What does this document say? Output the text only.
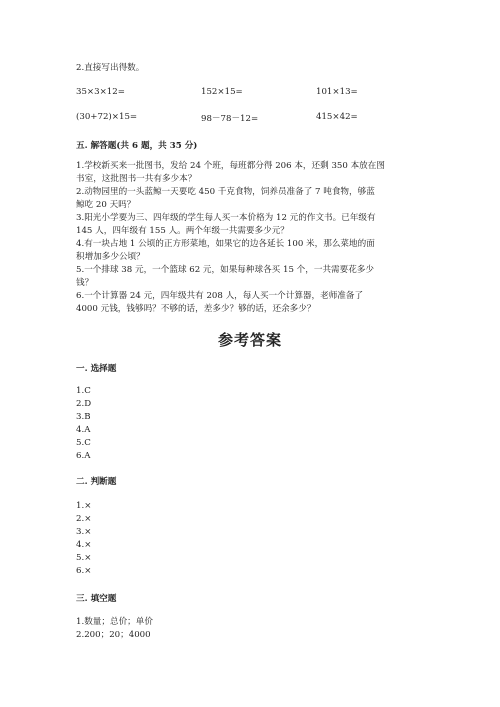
2.直接写出得数。
35×3×12=	152×15=	101×13=
(30+72)×15=	98－78－12=	415×42=
五. 解答题(共 6 题，共 35 分)
1.学校新买来一批图书，发给 24 个班，每班都分得 206 本，还剩 350 本放在图
书室，这批图书一共有多少本？
2.动物园里的一头蓝鲸一天要吃 450 千克食物，饲养员准备了 7 吨食物，够蓝
鲸吃 20 天吗？
3.阳光小学要为三、四年级的学生每人买一本价格为 12 元的作文书。已年级有
145 人，四年级有 155 人。两个年级一共需要多少元？
4.有一块占地 1 公顷的正方形菜地，如果它的边各延长 100 米，那么菜地的面
积增加多少公顷？
5.一个排球 38 元，一个篮球 62 元，如果每种球各买 15 个，一共需要花多少
钱？
6.一个计算器 24 元，四年级共有 208 人，每人买一个计算器，老师准备了
4000 元钱，钱够吗？不够的话，差多少？够的话，还余多少？
参考答案
一. 选择题
1.C
2.D
3.B
4.A
5.C
6.A
二. 判断题
1.×
2.×
3.×
4.×
5.×
6.×
三. 填空题
1.数量；总价；单价
2.200；20；4000
